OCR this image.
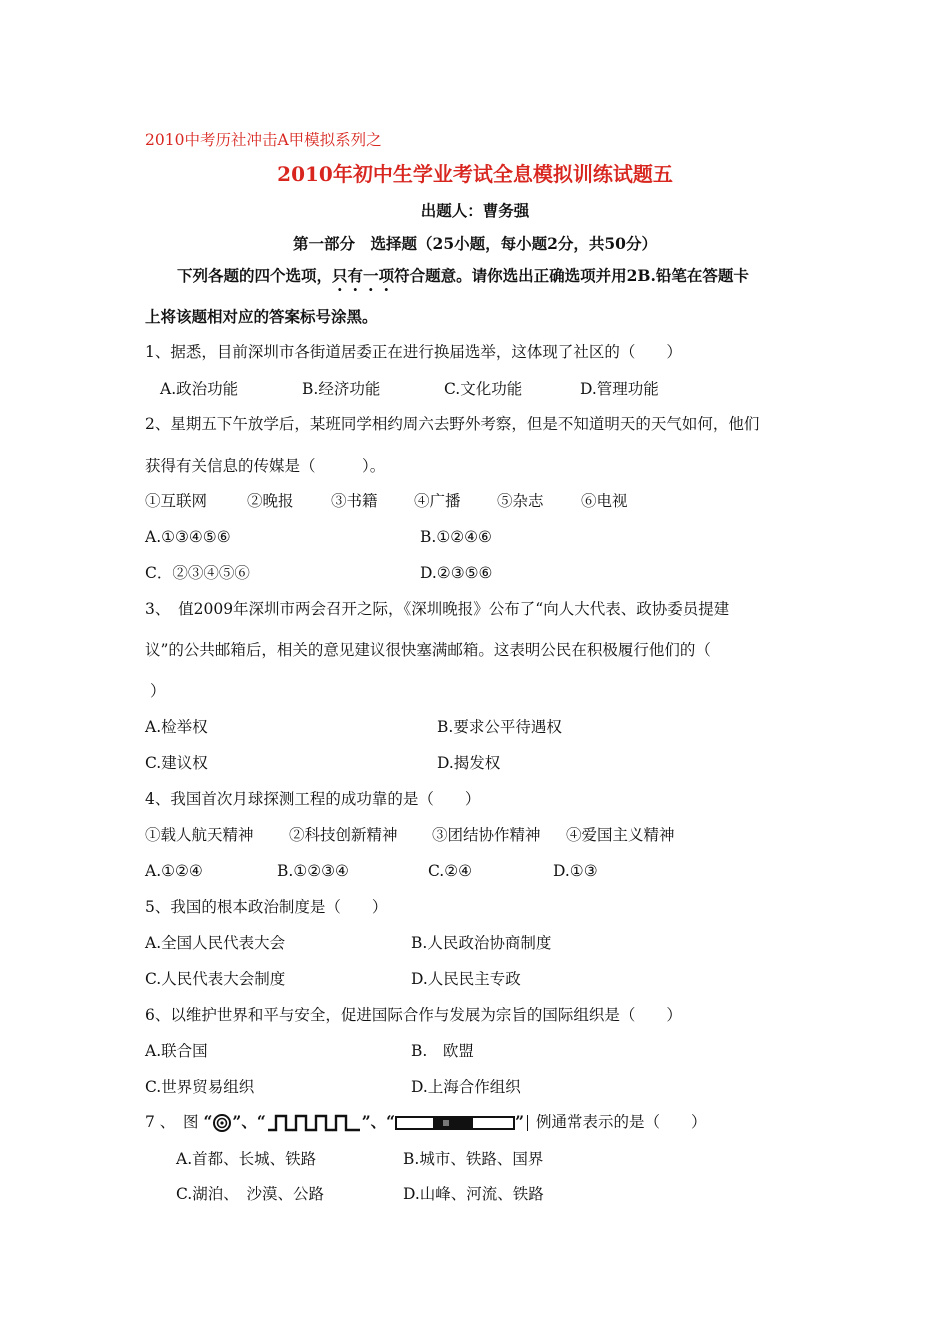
2010中考历社冲击A甲模拟系列之
2010年初中生学业考试全息模拟训练试题五
出题人：曹务强
第一部分　选择题（25小题，每小题2分，共50分）
下列各题的四个选项，只有一项符合题意。请你选出正确选项并用2B.铅笔在答题卡
上将该题相对应的答案标号涂黑。
1、据悉，目前深圳市各街道居委正在进行换届选举，这体现了社区的（　　）
A.政治功能	B.经济功能	C.文化功能	D.管理功能
2、星期五下午放学后，某班同学相约周六去野外考察，但是不知道明天的天气如何，他们
获得有关信息的传媒是（　　　）。
①互联网	②晚报 ③书籍 ④广播 ⑤杂志 ⑥电视
A.①③④⑤⑥	B.①②④⑥
C．②③④⑤⑥	D.②③⑤⑥
3、　值2009年深圳市两会召开之际，《深圳晚报》公布了“向人大代表、政协委员提建
议”的公共邮箱后，相关的意见建议很快塞满邮箱。这表明公民在积极履行他们的（
）
A.检举权	B.要求公平待遇权
C.建议权	D.揭发权
4、我国首次月球探测工程的成功靠的是（　　）
①载人航天精神 ②科技创新精神 ③团结协作精神 ④爱国主义精神
A.①②④	B.①②③④	C.②④	D.①③
5、我国的根本政治制度是（　　）
A.全国人民代表大会	B.人民政治协商制度
C.人民代表大会制度	D.人民民主专政
6、以维护世界和平与安全，促进国际合作与发展为宗旨的国际组织是（　　）
A.联合国	B.　欧盟
C.世界贸易组织	D.上海合作组织
7 、　图 “ ”、“	”、“	” 例通常表示的是（　　）
A.首都、长城、铁路	B.城市、铁路、国界
C.湖泊、　沙漠、公路	D.山峰、河流、铁路
